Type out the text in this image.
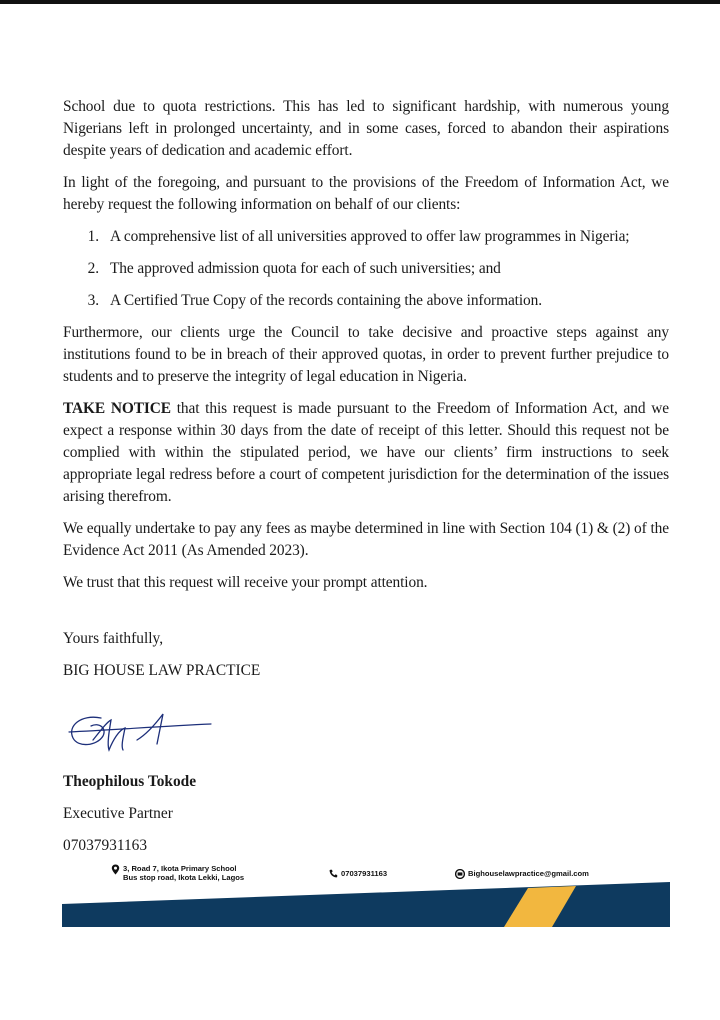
School due to quota restrictions. This has led to significant hardship, with numerous young Nigerians left in prolonged uncertainty, and in some cases, forced to abandon their aspirations despite years of dedication and academic effort.

In light of the foregoing, and pursuant to the provisions of the Freedom of Information Act, we hereby request the following information on behalf of our clients:

1. A comprehensive list of all universities approved to offer law programmes in Nigeria;
2. The approved admission quota for each of such universities; and
3. A Certified True Copy of the records containing the above information.

Furthermore, our clients urge the Council to take decisive and proactive steps against any institutions found to be in breach of their approved quotas, in order to prevent further prejudice to students and to preserve the integrity of legal education in Nigeria.

TAKE NOTICE that this request is made pursuant to the Freedom of Information Act, and we expect a response within 30 days from the date of receipt of this letter. Should this request not be complied with within the stipulated period, we have our clients’ firm instructions to seek appropriate legal redress before a court of competent jurisdiction for the determination of the issues arising therefrom.

We equally undertake to pay any fees as maybe determined in line with Section 104 (1) & (2) of the Evidence Act 2011 (As Amended 2023).

We trust that this request will receive your prompt attention.

Yours faithfully,
BIG HOUSE LAW PRACTICE
Theophilous Tokode
Executive Partner
07037931163
3, Road 7, Ikota Primary School
Bus stop road, Ikota Lekki, Lagos	07037931163	Bighouselawpractice@gmail.com
